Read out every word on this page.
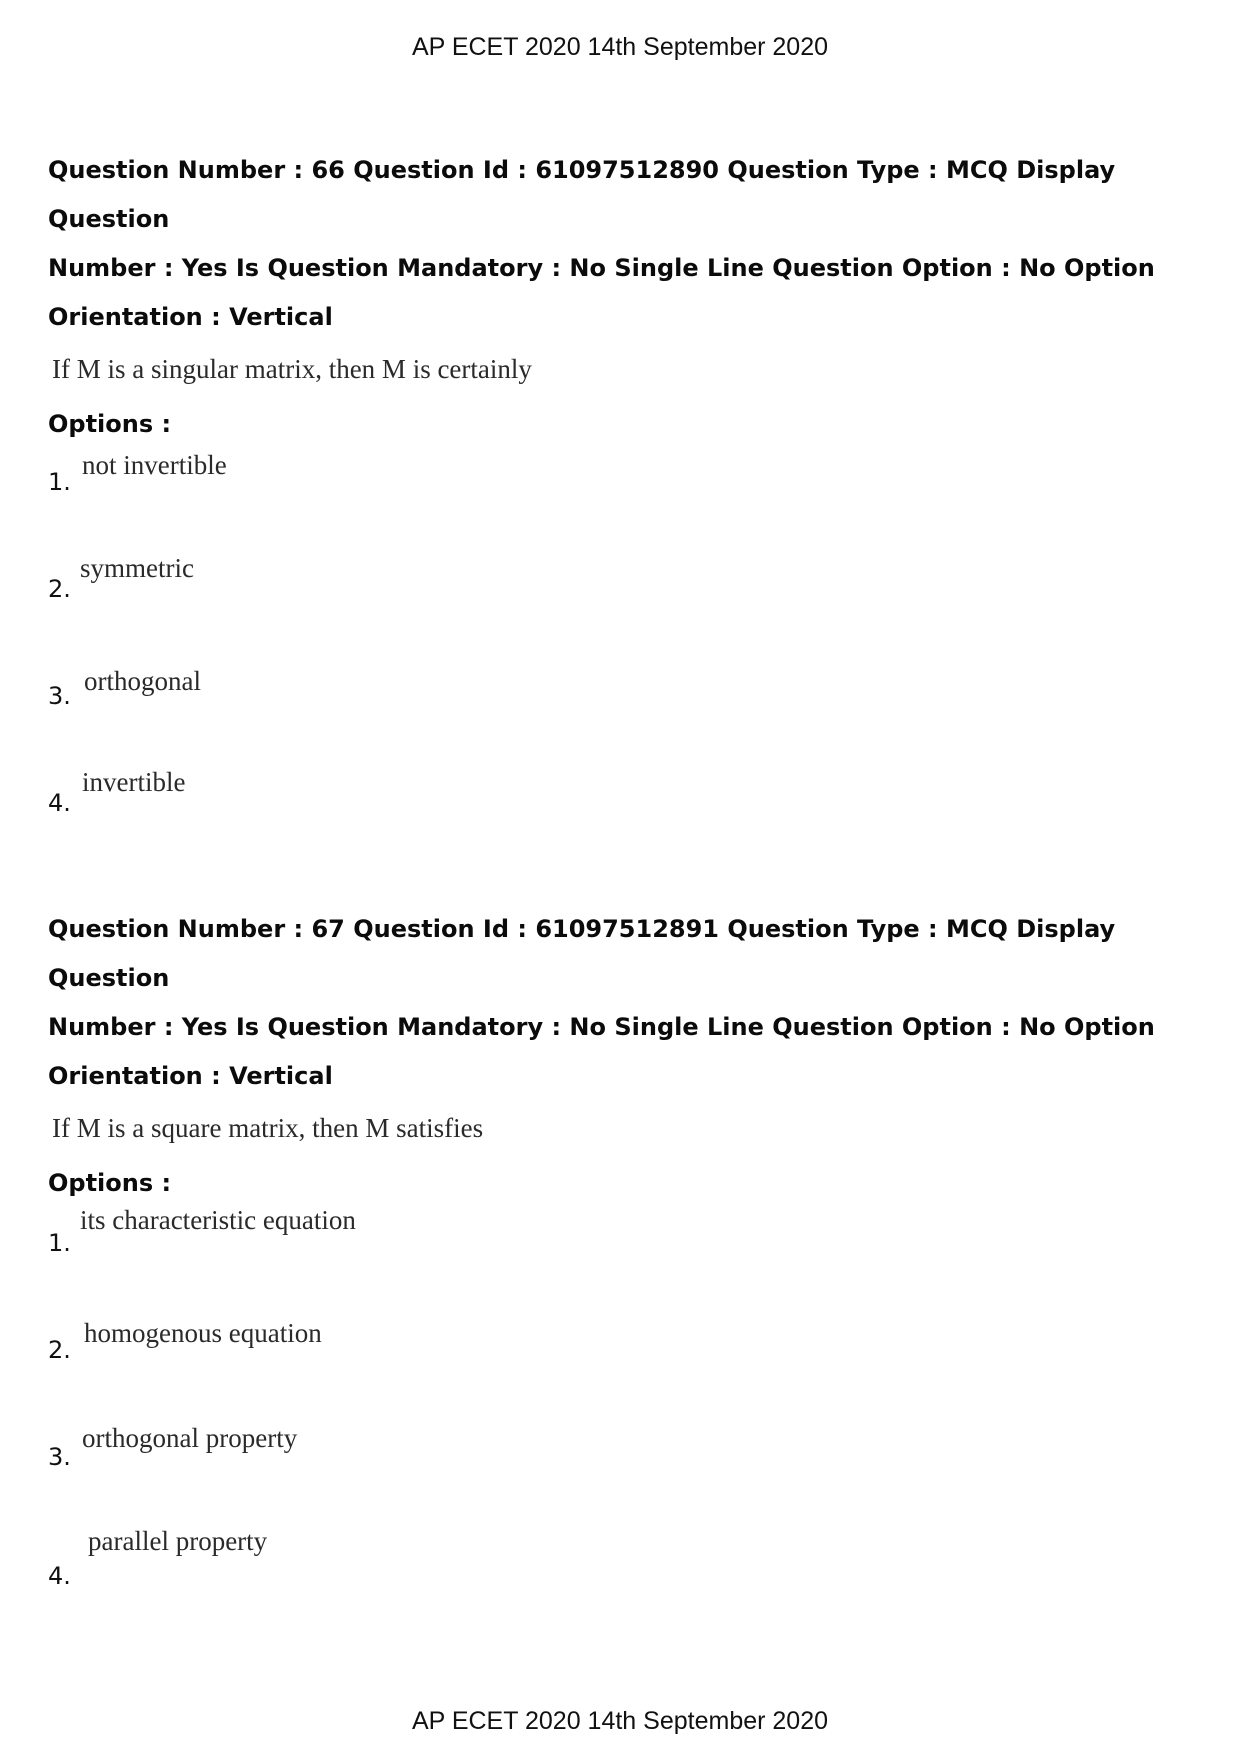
AP ECET 2020 14th September 2020

Question Number : 66 Question Id : 61097512890 Question Type : MCQ Display Question

Number : Yes Is Question Mandatory : No Single Line Question Option : No Option

Orientation : Vertical

If M is a singular matrix, then M is certainly
Options :
1.
not invertible
2.
symmetric
3. orthogonal
4.
invertible

Question Number : 67 Question Id : 61097512891 Question Type : MCQ Display Question

Number : Yes Is Question Mandatory : No Single Line Question Option : No Option

Orientation : Vertical

If M is a square matrix, then M satisfies
Options :
1.
its characteristic equation
2.
homogenous equation
3.
orthogonal property
4.
parallel property
AP ECET 2020 14th September 2020
